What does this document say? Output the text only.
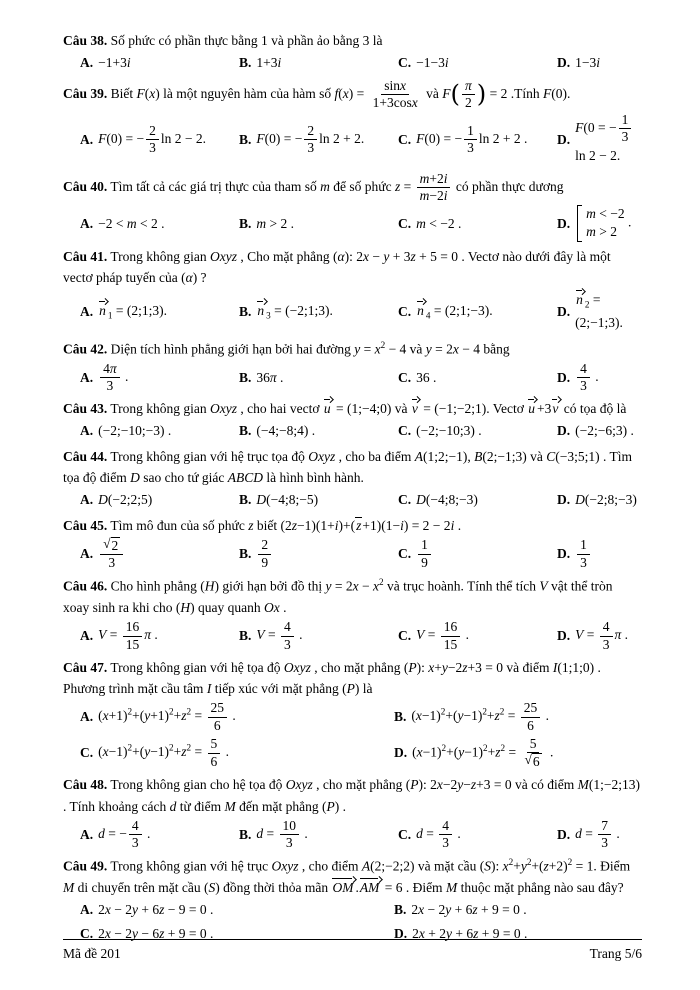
Câu 38. Số phức có phần thực bằng 1 và phần ảo bằng 3 là
A. −1+3i	B. 1+3i	C. −1−3i	D. 1−3i
Câu 39. Biết F(x) là một nguyên hàm của hàm số $f(x) = \frac{\text{sin x}}{\text{1+3cos x}}$ và F ( $\frac{\pi}{2}$ ) = 2 .Tính F(0).
A. F(0) = − $\frac{2}{3}$ ln 2 − 2. B. F(0) = − $\frac{2}{3}$ ln 2 + 2.	C. F(0) = − $\frac{1}{3}$ ln 2 + 2 . D.
F(0 = − $\frac{1}{3}$
ln 2 − 2.
Câu 40. Tìm tất cả các giá trị thực của tham số m để số phức $z = \frac{m +2 i}{m -2 i}$ có phần thực dương
A. −2 < m < 2 .	B. m > 2 .	C. m < −2 .	D.
m < −2
m > 2
.
Câu 41. Trong không gian Oxyz , Cho mặt phẳng (α): 2x − y + 3z + 5 = 0 . Vectơ nào dưới đây là một vectơ pháp tuyến của (α) ?
A. n $_1$ = (2;1;3).	B. n $_3$ = (−2;1;3).	C. n $_4$ = (2;1;−3).	D.
n $_2$ = (2;−1;3).
Câu 42. Diện tích hình phẳng giới hạn bởi hai đường $y = x^2 - 4$ và y = 2x − 4 bằng
A. $\frac{4 \pi}{3}$ .	B. 36π .	C. 36 .	D. $\frac{4}{3}$ .
Câu 43. Trong không gian Oxyz , cho hai vectơ u = (1;−4;0) và v = (−1;−2;1). Vectơ u +3v có tọa độ là
A. (−2;−10;−3) .	B. (−4;−8;4) .	C. (−2;−10;3) .	D. (−2;−6;3) .
Câu 44. Trong không gian với hệ trục tọa độ Oxyz , cho ba điểm A(1;2;−1), B(2;−1;3) và C(−3;5;1) . Tìm tọa độ điểm D sao cho tứ giác ABCD là hình bình hành.
A. D(−2;2;5)	B. D(−4;8;−5)	C. D(−4;8;−3)	D. D(−2;8;−3)
Câu 45. Tìm mô đun của số phức z biết (2z−1)(1+i)+(z+1)(1−i) = 2 − 2i .
A. $\frac{√ 2}{3}$	B. $\frac{2}{9}$	C. $\frac{1}{9}$	D. $\frac{1}{3}$
Câu 46. Cho hình phẳng (H) giới hạn bởi đồ thị $y = 2x - x^2$ và trục hoành. Tính thể tích V vật thể tròn xoay sinh ra khi cho (H) quay quanh Ox .
A. $V = \frac{16}{15}$ π .	B. $V = \frac{4}{3}$ .	C. $V = \frac{16}{15}$ .	D. $V = \frac{4}{3}$ π .
Câu 47. Trong không gian với hệ tọa độ Oxyz , cho mặt phẳng (P): x+y−2z+3 = 0 và điểm I(1;1;0) . Phương trình mặt cầu tâm I tiếp xúc với mặt phẳng (P) là
A. $(x+1)^2+(y+1)^2+z^2 = \frac{25}{6}$ .	B. $(x-1)^2+(y-1)^2+z^2 = \frac{25}{6}$ .
C. $(x-1)^2+(y-1)^2+z^2 = \frac{5}{6}$ .	D. $(x-1)^2+(y-1)^2+z^2 = \frac{5}{√ 6}$ .
Câu 48. Trong không gian cho hệ tọa độ Oxyz , cho mặt phẳng (P): 2x−2y−z+3 = 0 và có điểm M(1;−2;13) . Tính khoảng cách d từ điểm M đến mặt phẳng (P) .
A. d = − $\frac{4}{3}$ .	B. $d = \frac{10}{3}$ .	C. $d = \frac{4}{3}$ .	D. $d = \frac{7}{3}$ .
Câu 49. Trong không gian với hệ trục Oxyz , cho điểm A(2;−2;2) và mặt cầu (S): $x^2+y^2+(z+2)^2 = 1$. Điểm M di chuyển trên mặt cầu (S) đồng thời thỏa mãn OM .AM = 6 . Điểm M thuộc mặt phẳng nào sau đây?
A. 2x − 2y + 6z − 9 = 0 .	B. 2x − 2y + 6z + 9 = 0 .
C. 2x − 2y − 6z + 9 = 0 .	D. 2x + 2y + 6z + 9 = 0 .
Mã đề 201	Trang 5/6
